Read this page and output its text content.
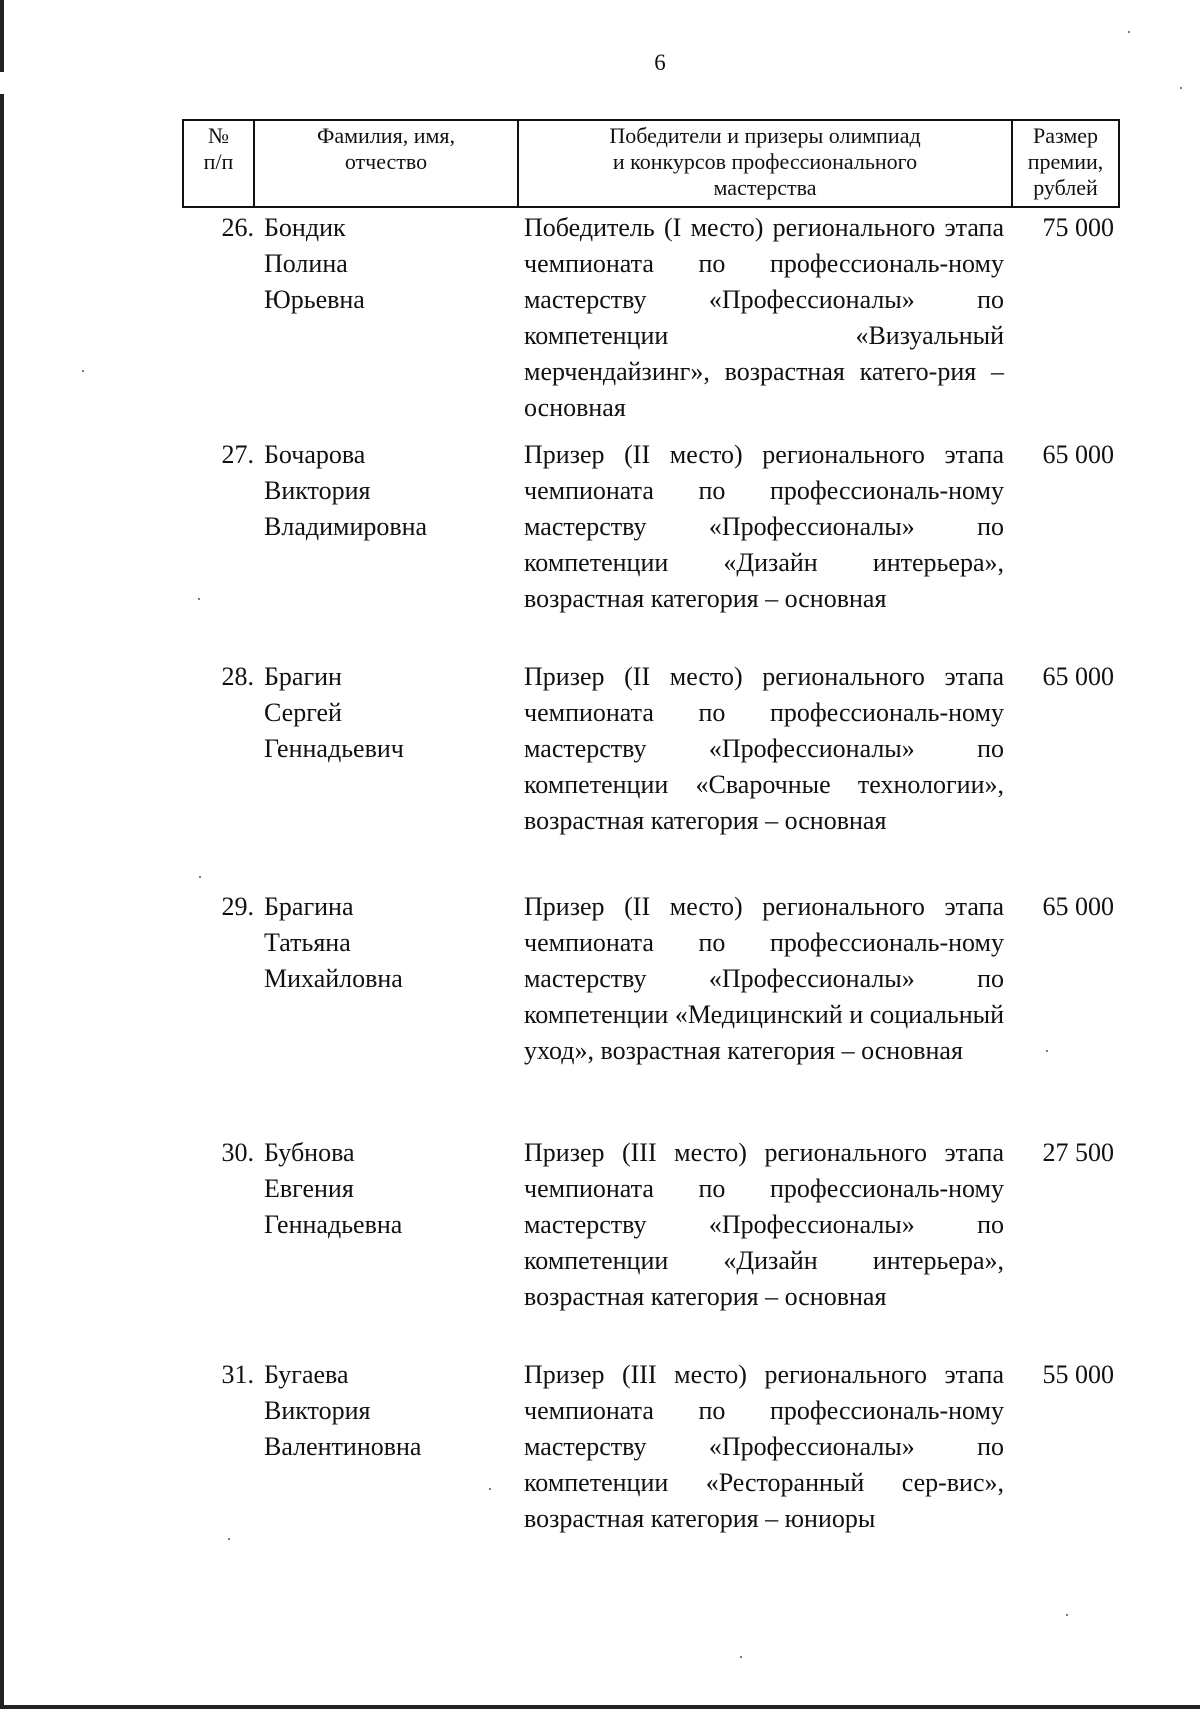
6
№
п/п
Фамилия, имя,
отчество
Победители и призеры олимпиад
и конкурсов профессионального
мастерства
Размер
премии,
рублей
26. Бондик
Полина
Юрьевна
Победитель (I место) регионального этапа чемпионата по профессиональ-ному мастерству «Профессионалы» по компетенции «Визуальный мерчендайзинг», возрастная катего-рия – основная
75 000
27. Бочарова
Виктория
Владимировна
Призер (II место) регионального этапа чемпионата по профессиональ-ному мастерству «Профессионалы» по компетенции «Дизайн интерьера», возрастная категория – основная
65 000
28. Брагин
Сергей
Геннадьевич
Призер (II место) регионального этапа чемпионата по профессиональ-ному мастерству «Профессионалы» по компетенции «Сварочные технологии», возрастная категория – основная
65 000
29. Брагина
Татьяна
Михайловна
Призер (II место) регионального этапа чемпионата по профессиональ-ному мастерству «Профессионалы» по компетенции «Медицинский и социальный уход», возрастная категория – основная
65 000
30. Бубнова
Евгения
Геннадьевна
Призер (III место) регионального этапа чемпионата по профессиональ-ному мастерству «Профессионалы» по компетенции «Дизайн интерьера», возрастная категория – основная
27 500
31. Бугаева
Виктория
Валентиновна
Призер (III место) регионального этапа чемпионата по профессиональ-ному мастерству «Профессионалы» по компетенции «Ресторанный сер-вис», возрастная категория – юниоры
55 000
